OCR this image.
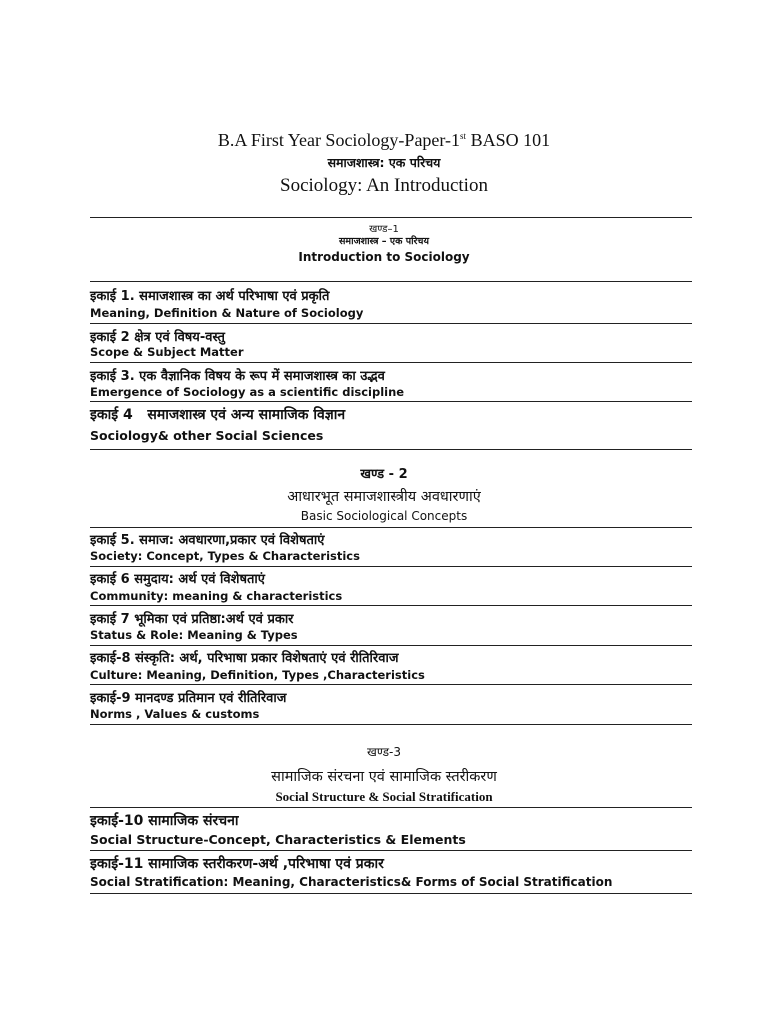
B.A First Year Sociology-Paper-1st BASO 101
समाजशास्त्र: एक परिचय
Sociology: An Introduction
खण्ड–1
समाजशास्त्र – एक परिचय
Introduction to Sociology
इकाई 1. समाजशास्त्र का अर्थ परिभाषा एवं प्रकृति
Meaning, Definition & Nature of Sociology
इकाई 2 क्षेत्र एवं विषय-वस्तु
Scope & Subject Matter
इकाई 3. एक वैज्ञानिक विषय के रूप में समाजशास्त्र का उद्भव
Emergence of Sociology as a scientific discipline
इकाई 4 समाजशास्त्र एवं अन्य सामाजिक विज्ञान
Sociology& other Social Sciences
खण्ड - 2
आधारभूत समाजशास्त्रीय अवधारणाएं
Basic Sociological Concepts
इकाई 5. समाज: अवधारणा,प्रकार एवं विशेषताएं
Society: Concept, Types & Characteristics
इकाई 6 समुदाय: अर्थ एवं विशेषताएं
Community: meaning & characteristics
इकाई 7 भूमिका एवं प्रतिष्ठा:अर्थ एवं प्रकार
Status & Role: Meaning & Types
इकाई-8 संस्कृति: अर्थ, परिभाषा प्रकार विशेषताएं एवं रीतिरिवाज
Culture: Meaning, Definition, Types ,Characteristics
इकाई-9 मानदण्ड प्रतिमान एवं रीतिरिवाज
Norms , Values & customs
खण्ड-3
सामाजिक संरचना एवं सामाजिक स्तरीकरण
Social Structure & Social Stratification
इकाई-10 सामाजिक संरचना
Social Structure-Concept, Characteristics & Elements
इकाई-11 सामाजिक स्तरीकरण-अर्थ ,परिभाषा एवं प्रकार
Social Stratification: Meaning, Characteristics& Forms of Social Stratification
